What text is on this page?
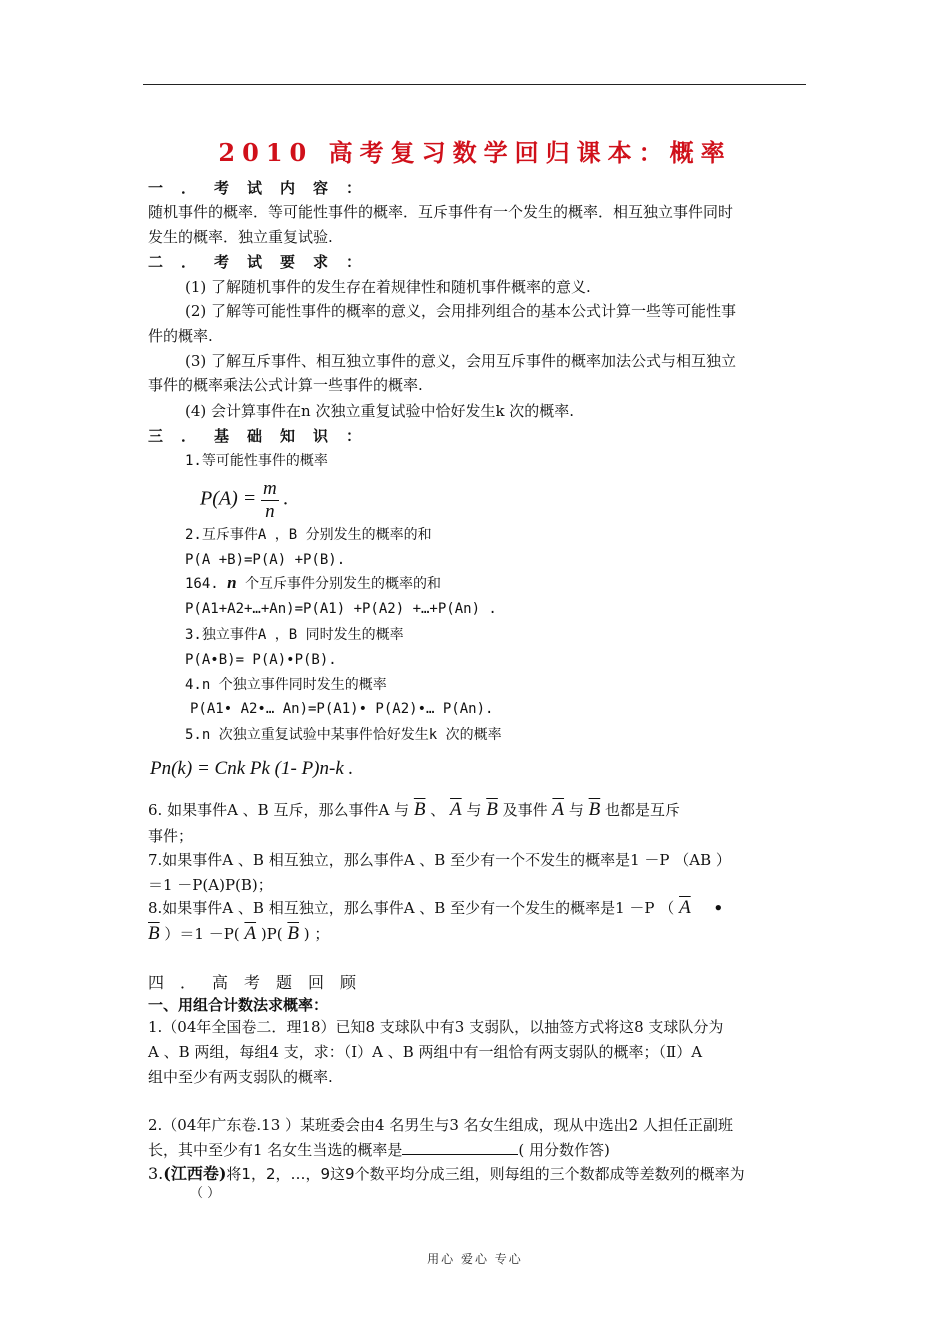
2010 高考复习数学回归课本：概率
一．考试内容：
随机事件的概率．等可能性事件的概率．互斥事件有一个发生的概率．相互独立事件同时
发生的概率．独立重复试验.
二．考试要求：
(1) 了解随机事件的发生存在着规律性和随机事件概率的意义.
(2) 了解等可能性事件的概率的意义，会用排列组合的基本公式计算一些等可能性事
件的概率.
(3) 了解互斥事件、相互独立事件的意义，会用互斥事件的概率加法公式与相互独立
事件的概率乘法公式计算一些事件的概率.
(4) 会计算事件在n 次独立重复试验中恰好发生k 次的概率.
三．基础知识：
1.等可能性事件的概率
$P(A) = \frac{m}{n}$ .
2.互斥事件A ，B 分别发生的概率的和
P(A +B)=P(A) +P(B).
164. n 个互斥事件分别发生的概率的和
P(A1+A2+…+An)=P(A1) +P(A2) +…+P(An) .
3.独立事件A ，B 同时发生的概率
P(A•B)= P(A)•P(B).
4.n 个独立事件同时发生的概率
P(A1• A2•… An)=P(A1)• P(A2)•… P(An).
5.n 次独立重复试验中某事件恰好发生k 次的概率
Pn(k) = Cnk Pk (1- P)n-k .
6. 如果事件A 、B 互斥，那么事件A 与 $\overline{B}$ 、 $\overline{A}$ 与 $\overline{B}$ 及事件 $\overline{A}$ 与 $\overline{B}$ 也都是互斥
事件；
7.如果事件A 、B 相互独立，那么事件A 、B 至少有一个不发生的概率是1 －P （AB ）
＝1 －P(A)P(B)；
8.如果事件A 、B 相互独立，那么事件A 、B 至少有一个发生的概率是1 －P （ $\overline{A}$ •
$\overline{B}$ ）＝1 －P( $\overline{A}$ )P( $\overline{B}$ ) ；
四．高考题回顾
一、用组合计数法求概率：
1.（04年全国卷二．理18）已知8 支球队中有3 支弱队，以抽签方式将这8 支球队分为
A 、B 两组，每组4 支，求：（Ⅰ）A 、B 两组中有一组恰有两支弱队的概率；（Ⅱ）A
组中至少有两支弱队的概率.
2.（04年广东卷.13 ）某班委会由4 名男生与3 名女生组成，现从中选出2 人担任正副班
长，其中至少有1 名女生当选的概率是	( 用分数作答)
3.(江西卷)将1，2，…，9这9个数平均分成三组，则每组的三个数都成等差数列的概率为
（ ）
用心 爱心 专心
